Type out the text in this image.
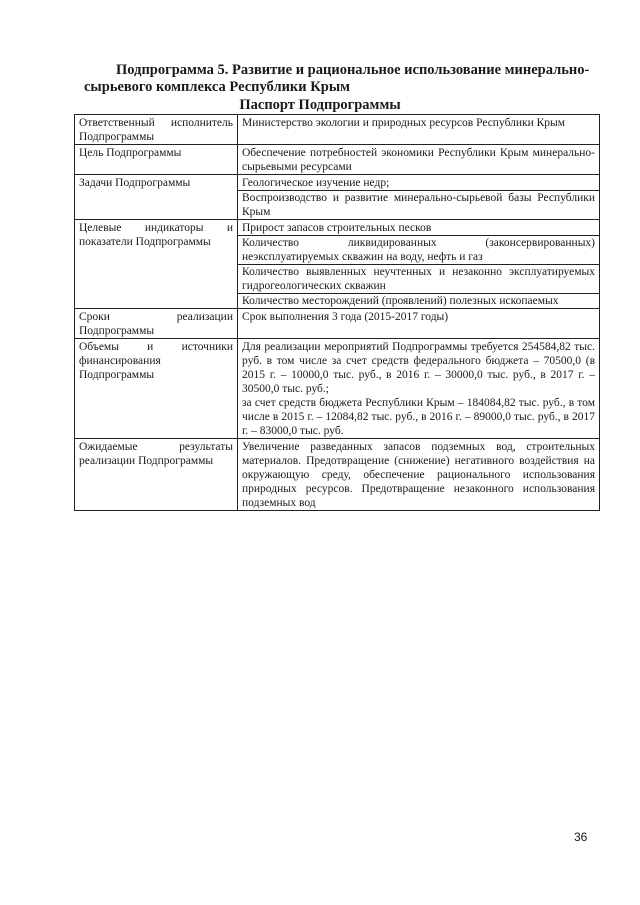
Подпрограмма 5. Развитие и рациональное использование минерально-
сырьевого комплекса Республики Крым
Паспорт Подпрограммы
Ответственный исполнитель Подпрограммы	Министерство экологии и природных ресурсов Республики Крым

Цель Подпрограммы	Обеспечение потребностей экономики Республики Крым минерально-сырьевыми ресурсами

Задачи Подпрограммы	Геологическое изучение недр;
Воспроизводство и развитие минерально-сырьевой базы Республики Крым

Целевые индикаторы и показатели Подпрограммы	Прирост запасов строительных песков
Количество ликвидированных (законсервированных) неэксплуатируемых скважин на воду, нефть и газ
Количество выявленных неучтенных и незаконно эксплуатируемых гидрогеологических скважин
Количество месторождений (проявлений) полезных ископаемых

Сроки реализации Подпрограммы	Срок выполнения 3 года (2015-2017 годы)

Объемы и источники финансирования Подпрограммы	Для реализации мероприятий Подпрограммы требуется 254584,82 тыс. руб. в том числе за счет средств федерального бюджета – 70500,0 (в 2015 г. – 10000,0 тыс. руб., в 2016 г. – 30000,0 тыс. руб., в 2017 г. – 30500,0 тыс. руб.;
за счет средств бюджета Республики Крым – 184084,82 тыс. руб., в том числе в 2015 г. – 12084,82 тыс. руб., в 2016 г. – 89000,0 тыс. руб., в 2017 г. – 83000,0 тыс. руб.

Ожидаемые результаты реализации Подпрограммы	Увеличение разведанных запасов подземных вод, строительных материалов. Предотвращение (снижение) негативного воздействия на окружающую среду, обеспечение рационального использования природных ресурсов. Предотвращение незаконного использования подземных вод
36
